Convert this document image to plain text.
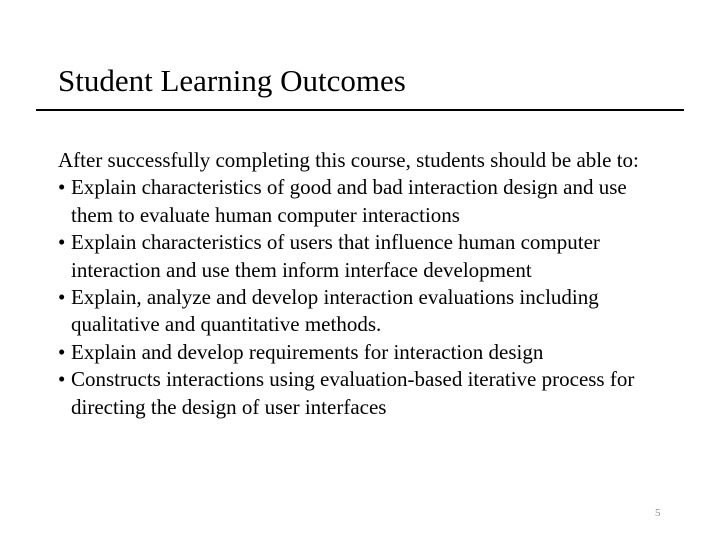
Student Learning Outcomes

After successfully completing this course, students should be able to:

• Explain characteristics of good and bad interaction design and use them to evaluate human computer interactions
• Explain characteristics of users that influence human computer interaction and use them inform interface development
• Explain, analyze and develop interaction evaluations including qualitative and quantitative methods.
• Explain and develop requirements for interaction design
• Constructs interactions using evaluation-based iterative process for directing the design of user interfaces
5
